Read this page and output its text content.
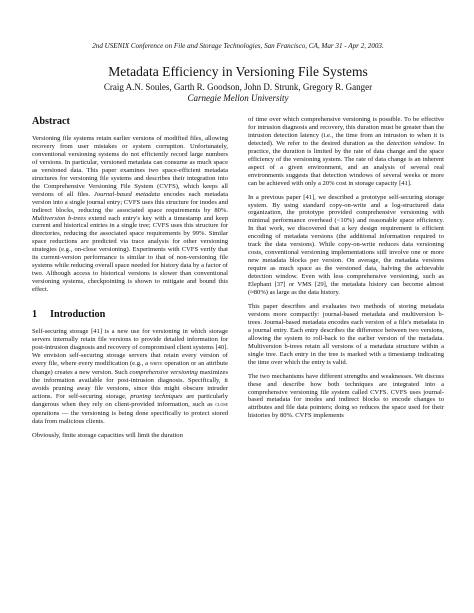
2nd USENIX Conference on File and Storage Technologies, San Francisco, CA, Mar 31 - Apr 2, 2003.
Metadata Efficiency in Versioning File Systems
Craig A.N. Soules, Garth R. Goodson, John D. Strunk, Gregory R. Ganger
Carnegie Mellon University
Abstract

Versioning file systems retain earlier versions of modified files, allowing recovery from user mistakes or system corruption. Unfortunately, conventional versioning systems do not efficiently record large numbers of versions. In particular, versioned metadata can consume as much space as versioned data. This paper examines two space-efficient metadata structures for versioning file systems and describes their integration into the Comprehensive Versioning File System (CVFS), which keeps all versions of all files. Journal-based metadata encodes each metadata version into a single journal entry; CVFS uses this structure for inodes and indirect blocks, reducing the associated space requirements by 80%. Multiversion b-trees extend each entry's key with a timestamp and keep current and historical entries in a single tree; CVFS uses this structure for directories, reducing the associated space requirements by 99%. Similar space reductions are predicted via trace analysis for other versioning strategies (e.g., on-close versioning). Experiments with CVFS verify that its current-version performance is similar to that of non-versioning file systems while reducing overall space needed for history data by a factor of two. Although access to historical versions is slower than conventional versioning systems, checkpointing is shown to mitigate and bound this effect.

1 Introduction

Self-securing storage [41] is a new use for versioning in which storage servers internally retain file versions to provide detailed information for post-intrusion diagnosis and recovery of compromised client systems [40]. We envision self-securing storage servers that retain every version of every file, where every modification (e.g., a write operation or an attribute change) creates a new version. Such comprehensive versioning maximizes the information available for post-intrusion diagnosis. Specifically, it avoids pruning away file versions, since this might obscure intruder actions. For self-securing storage, pruning techniques are particularly dangerous when they rely on client-provided information, such as close operations — the versioning is being done specifically to protect stored data from malicious clients.

Obviously, finite storage capacities will limit the duration

of time over which comprehensive versioning is possible. To be effective for intrusion diagnosis and recovery, this duration must be greater than the intrusion detection latency (i.e., the time from an intrusion to when it is detected). We refer to the desired duration as the detection window. In practice, the duration is limited by the rate of data change and the space efficiency of the versioning system. The rate of data change is an inherent aspect of a given environment, and an analysis of several real environments suggests that detection windows of several weeks or more can be achieved with only a 20% cost in storage capacity [41].

In a previous paper [41], we described a prototype self-securing storage system. By using standard copy-on-write and a log-structured data organization, the prototype provided comprehensive versioning with minimal performance overhead (<10%) and reasonable space efficiency. In that work, we discovered that a key design requirement is efficient encoding of metadata versions (the additional information required to track the data versions). While copy-on-write reduces data versioning costs, conventional versioning implementations still involve one or more new metadata blocks per version. On average, the metadata versions require as much space as the versioned data, halving the achievable detection window. Even with less comprehensive versioning, such as Elephant [37] or VMS [29], the metadata history can become almost (≈80%) as large as the data history.

This paper describes and evaluates two methods of storing metadata versions more compactly: journal-based metadata and multiversion b-trees. Journal-based metadata encodes each version of a file's metadata in a journal entry. Each entry describes the difference between two versions, allowing the system to roll-back to the earlier version of the metadata. Multiversion b-trees retain all versions of a metadata structure within a single tree. Each entry in the tree is marked with a timestamp indicating the time over which the entry is valid.

The two mechanisms have different strengths and weaknesses. We discuss these and describe how both techniques are integrated into a comprehensive versioning file system called CVFS. CVFS uses journal-based metadata for inodes and indirect blocks to encode changes to attributes and file data pointers; doing so reduces the space used for their histories by 80%. CVFS implements
